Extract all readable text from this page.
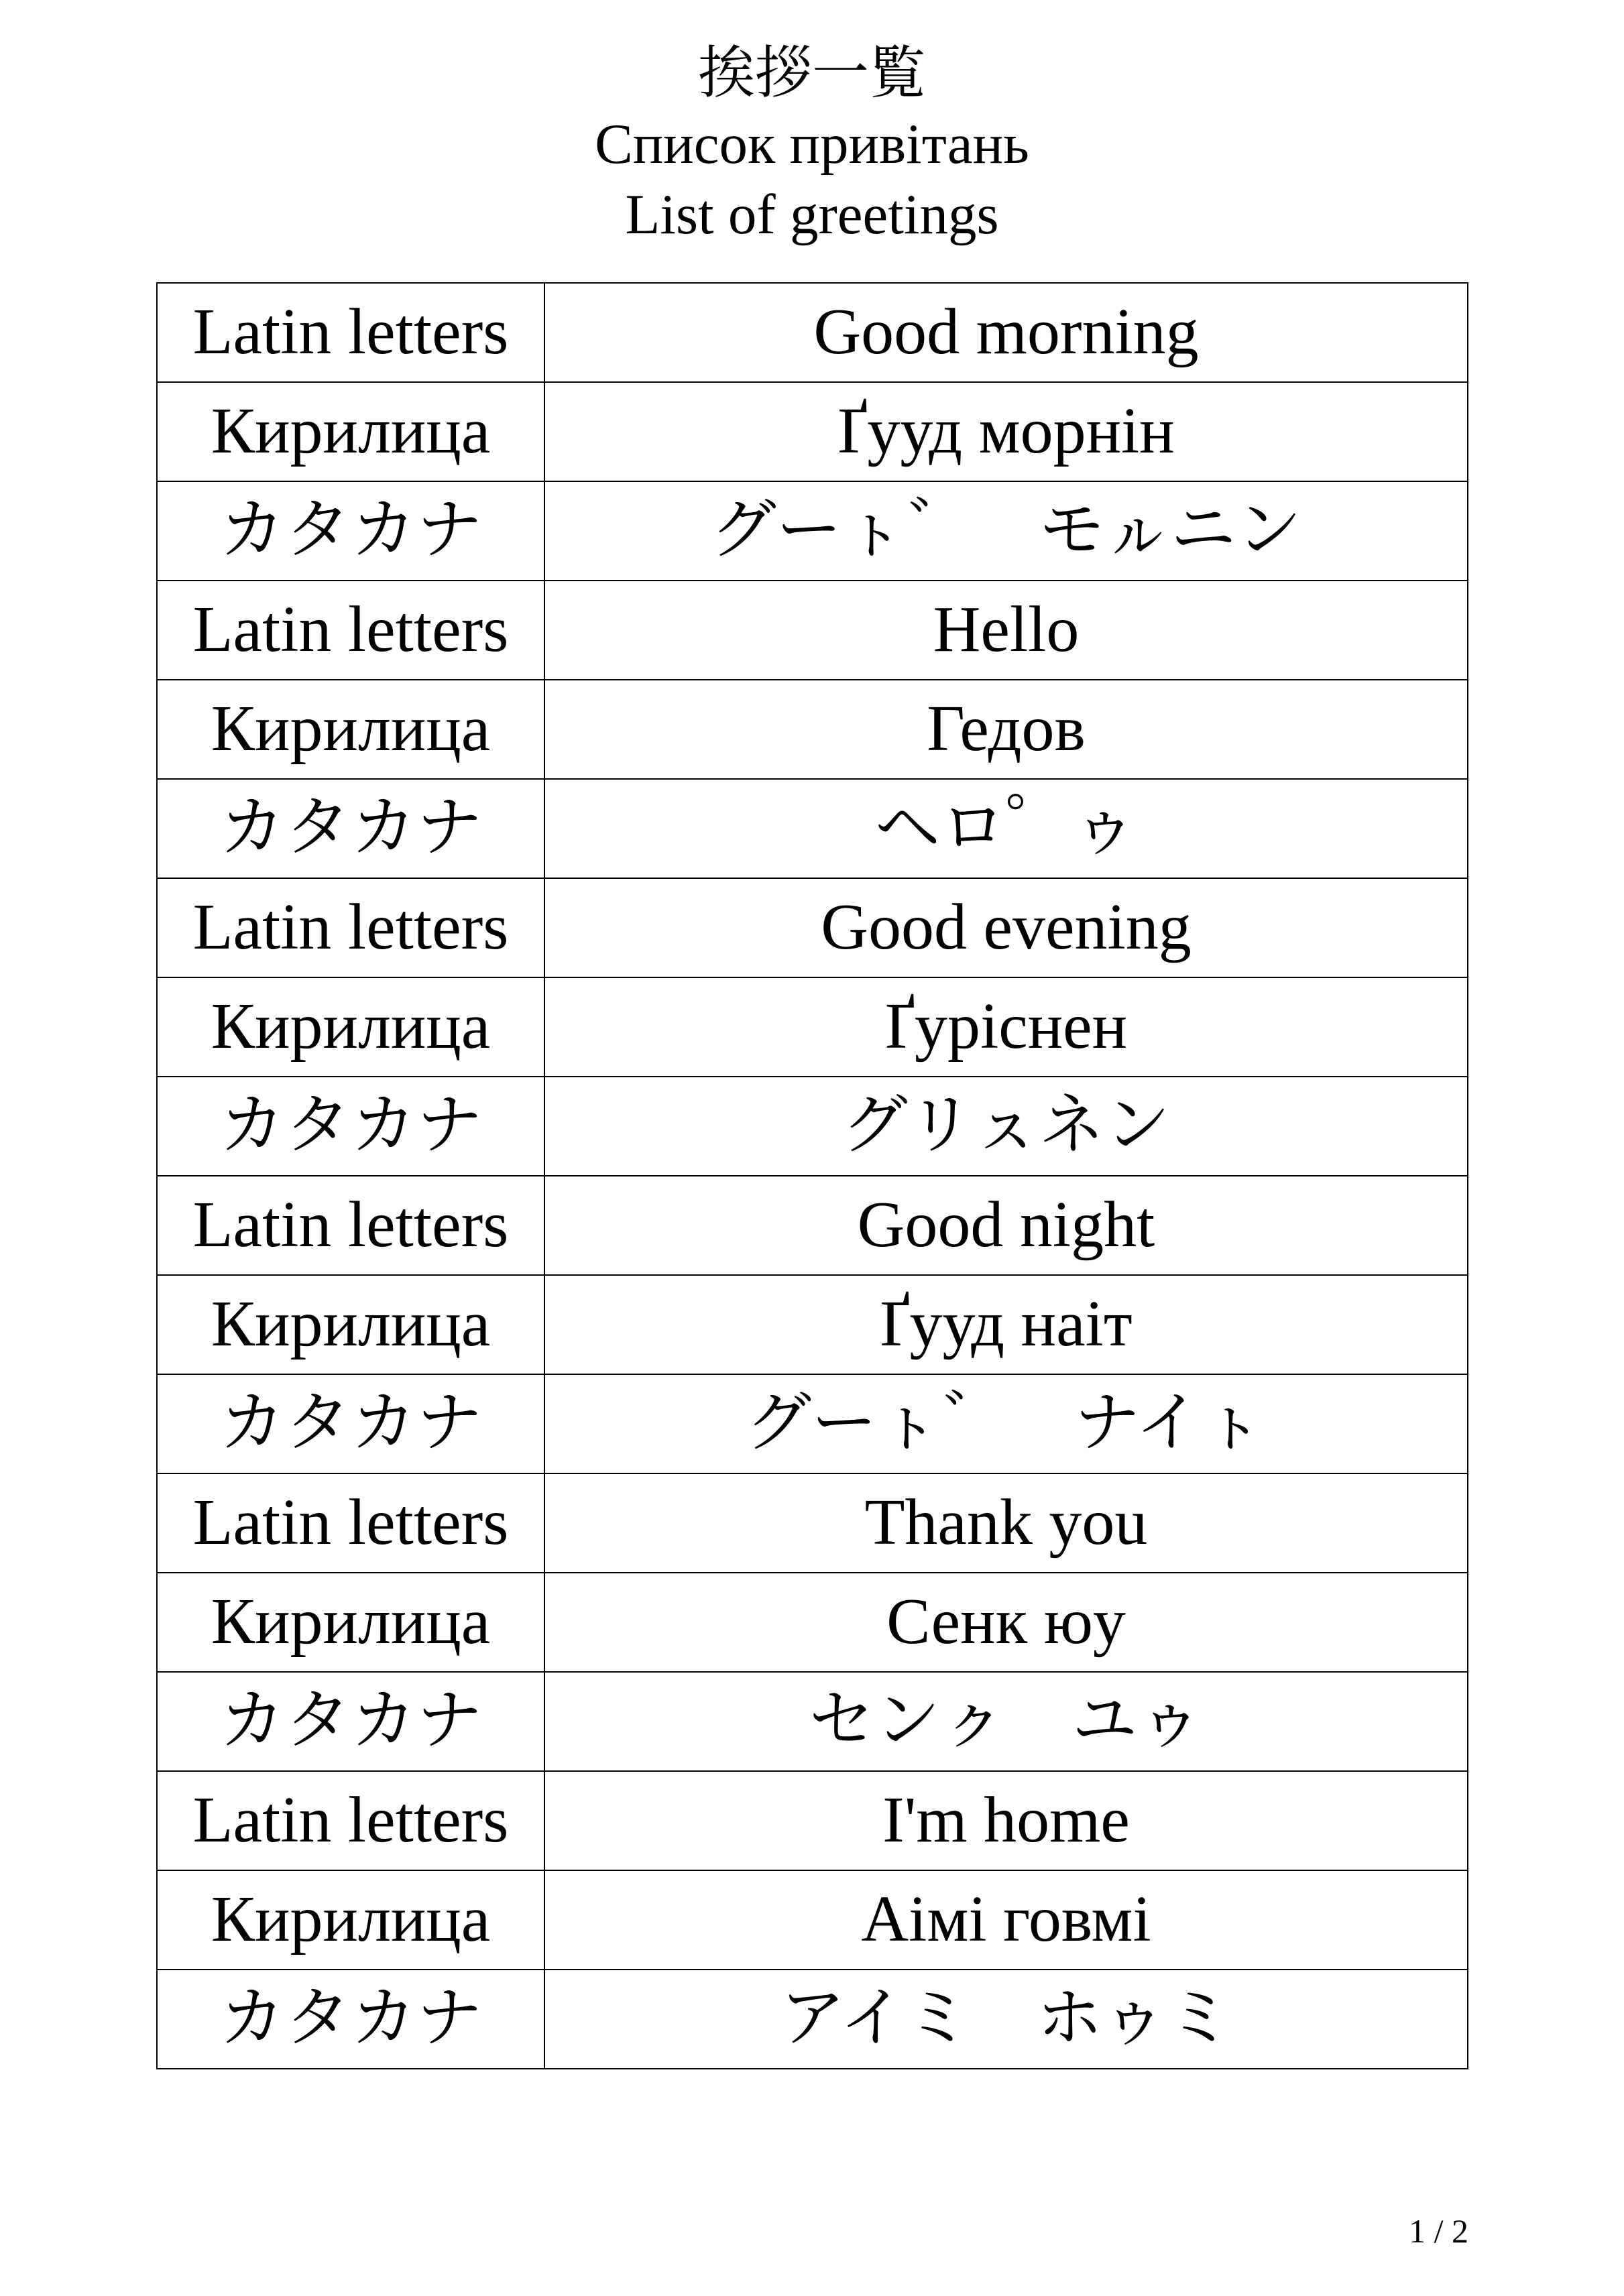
挨拶一覧
Список привітань
List of greetings
Latin letters	Good morning
Кирилица	Ґууд морнін
カタカナ	グーㇳ゛　モㇽニン
Latin letters	Hello
Кирилица	Гедов
カタカナ	ヘロ゜ゥ
Latin letters	Good evening
Кирилица	Ґуріснен
カタカナ	グリㇲネン
Latin letters	Good night
Кирилица	Ґууд наіт
カタカナ	グーㇳ゛　ナイㇳ
Latin letters	Thank you
Кирилица	Сенк юу
カタカナ	センㇰ　ユゥ
Latin letters	I'm home
Кирилица	Аімі говмі
カタカナ	アイミ　ホゥミ
1 / 2
